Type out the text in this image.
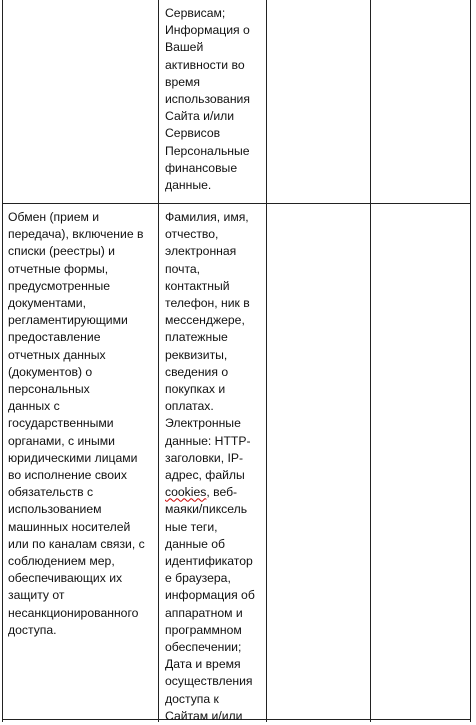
Сервисам;
Информация о
Вашей
активности во
время
использования
Сайта и/или
Сервисов
Персональные
финансовые
данные.
Обмен (прием и
передача), включение в
списки (реестры) и
отчетные формы,
предусмотренные
документами,
регламентирующими
предоставление
отчетных данных
(документов) о
персональных
данных с
государственными
органами, с иными
юридическими лицами
во исполнение своих
обязательств с
использованием
машинных носителей
или по каналам связи, с
соблюдением мер,
обеспечивающих их
защиту от
несанкционированного
доступа.
Фамилия, имя,
отчество,
электронная
почта,
контактный
телефон, ник в
мессенджере,
платежные
реквизиты,
сведения о
покупках и
оплатах.
Электронные
данные: HTTP-
заголовки, IP-
адрес, файлы
cookies, веб-
маяки/пиксель
ные теги,
данные об
идентификатор
е браузера,
информация об
аппаратном и
программном
обеспечении;
Дата и время
осуществления
доступа к
Сайтам и/или
